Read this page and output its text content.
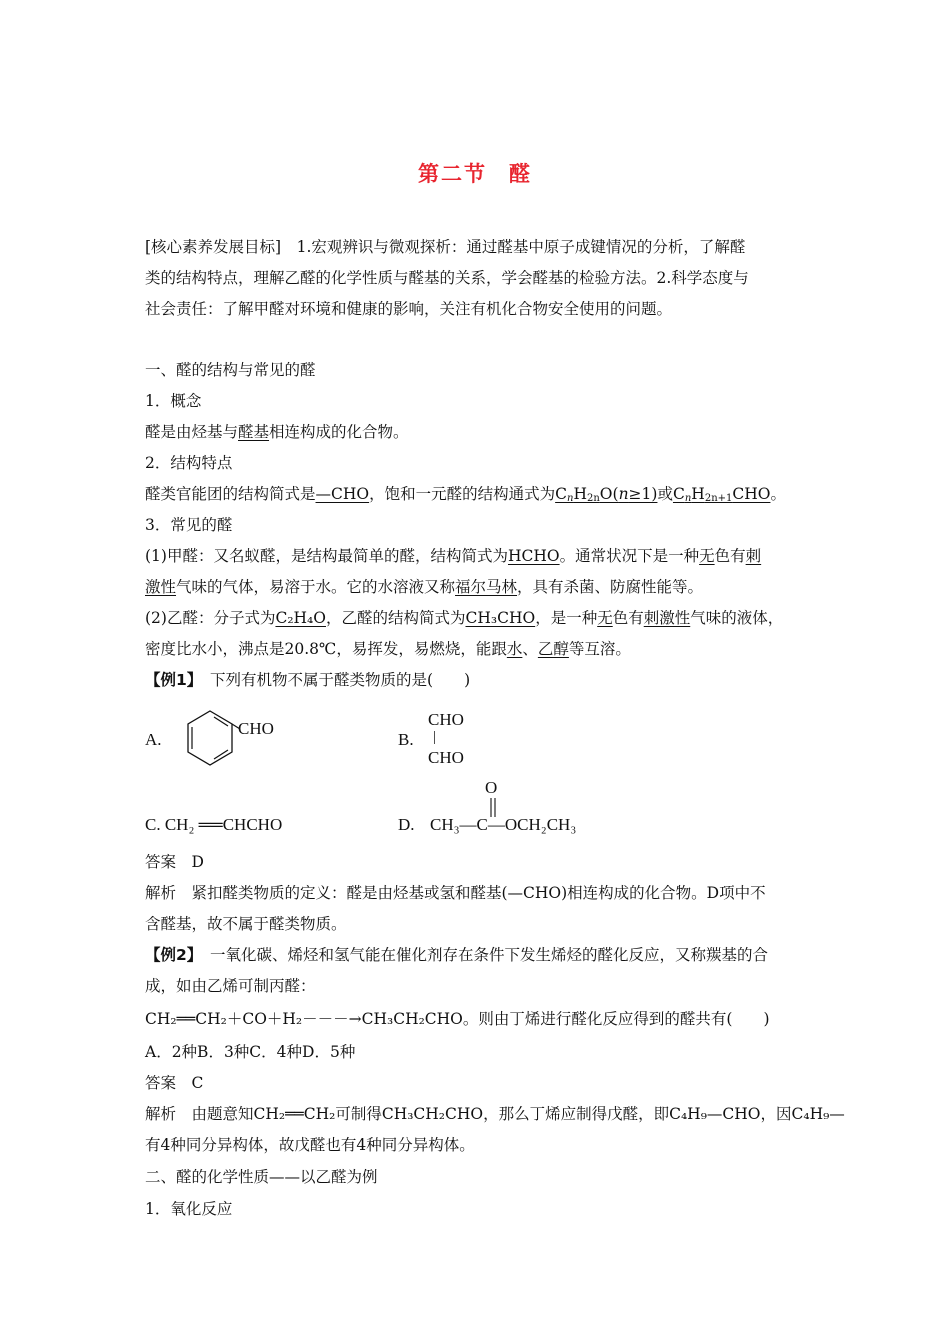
第二节 醛
[核心素养发展目标]　1.宏观辨识与微观探析：通过醛基中原子成键情况的分析，了解醛
类的结构特点，理解乙醛的化学性质与醛基的关系，学会醛基的检验方法。2.科学态度与
社会责任：了解甲醛对环境和健康的影响，关注有机化合物安全使用的问题。
一、醛的结构与常见的醛
1．概念
醛是由烃基与醛基相连构成的化合物。
2．结构特点
醛类官能团的结构简式是—CHO，饱和一元醛的结构通式为$C_nH_{2n}O(n\ge 1)$或$C_nH_{2n+1}CHO$。
3．常见的醛
(1)甲醛：又名蚁醛，是结构最简单的醛，结构简式为HCHO。通常状况下是一种无色有刺
激性气味的气体，易溶于水。它的水溶液又称福尔马林，具有杀菌、防腐性能等。
(2)乙醛：分子式为C₂H₄O，乙醛的结构简式为CH₃CHO，是一种无色有刺激性气味的液体，
密度比水小，沸点是20.8℃，易挥发，易燃烧，能跟水、乙醇等互溶。
【例1】　下列有机物不属于醛类物质的是(　　)
A.
CHO
B.
CHO
|
CHO
C. CH₂ ══CHCHO	D.
O
CH₃—C—OCH₂CH₃
答案　D
解析　紧扣醛类物质的定义：醛是由烃基或氢和醛基(—CHO)相连构成的化合物。D项中不
含醛基，故不属于醛类物质。
【例2】　一氧化碳、烯烃和氢气能在催化剂存在条件下发生烯烃的醛化反应，又称羰基的合
成，如由乙烯可制丙醛：
CH₂══CH₂＋CO＋H₂－－－→CH₃CH₂CHO。则由丁烯进行醛化反应得到的醛共有(　　)
A．2种B．3种C．4种D．5种
答案　C
解析　由题意知CH₂══CH₂可制得CH₃CH₂CHO，那么丁烯应制得戊醛，即C₄H₉—CHO，因C₄H₉—
有4种同分异构体，故戊醛也有4种同分异构体。
二、醛的化学性质——以乙醛为例
1．氧化反应
